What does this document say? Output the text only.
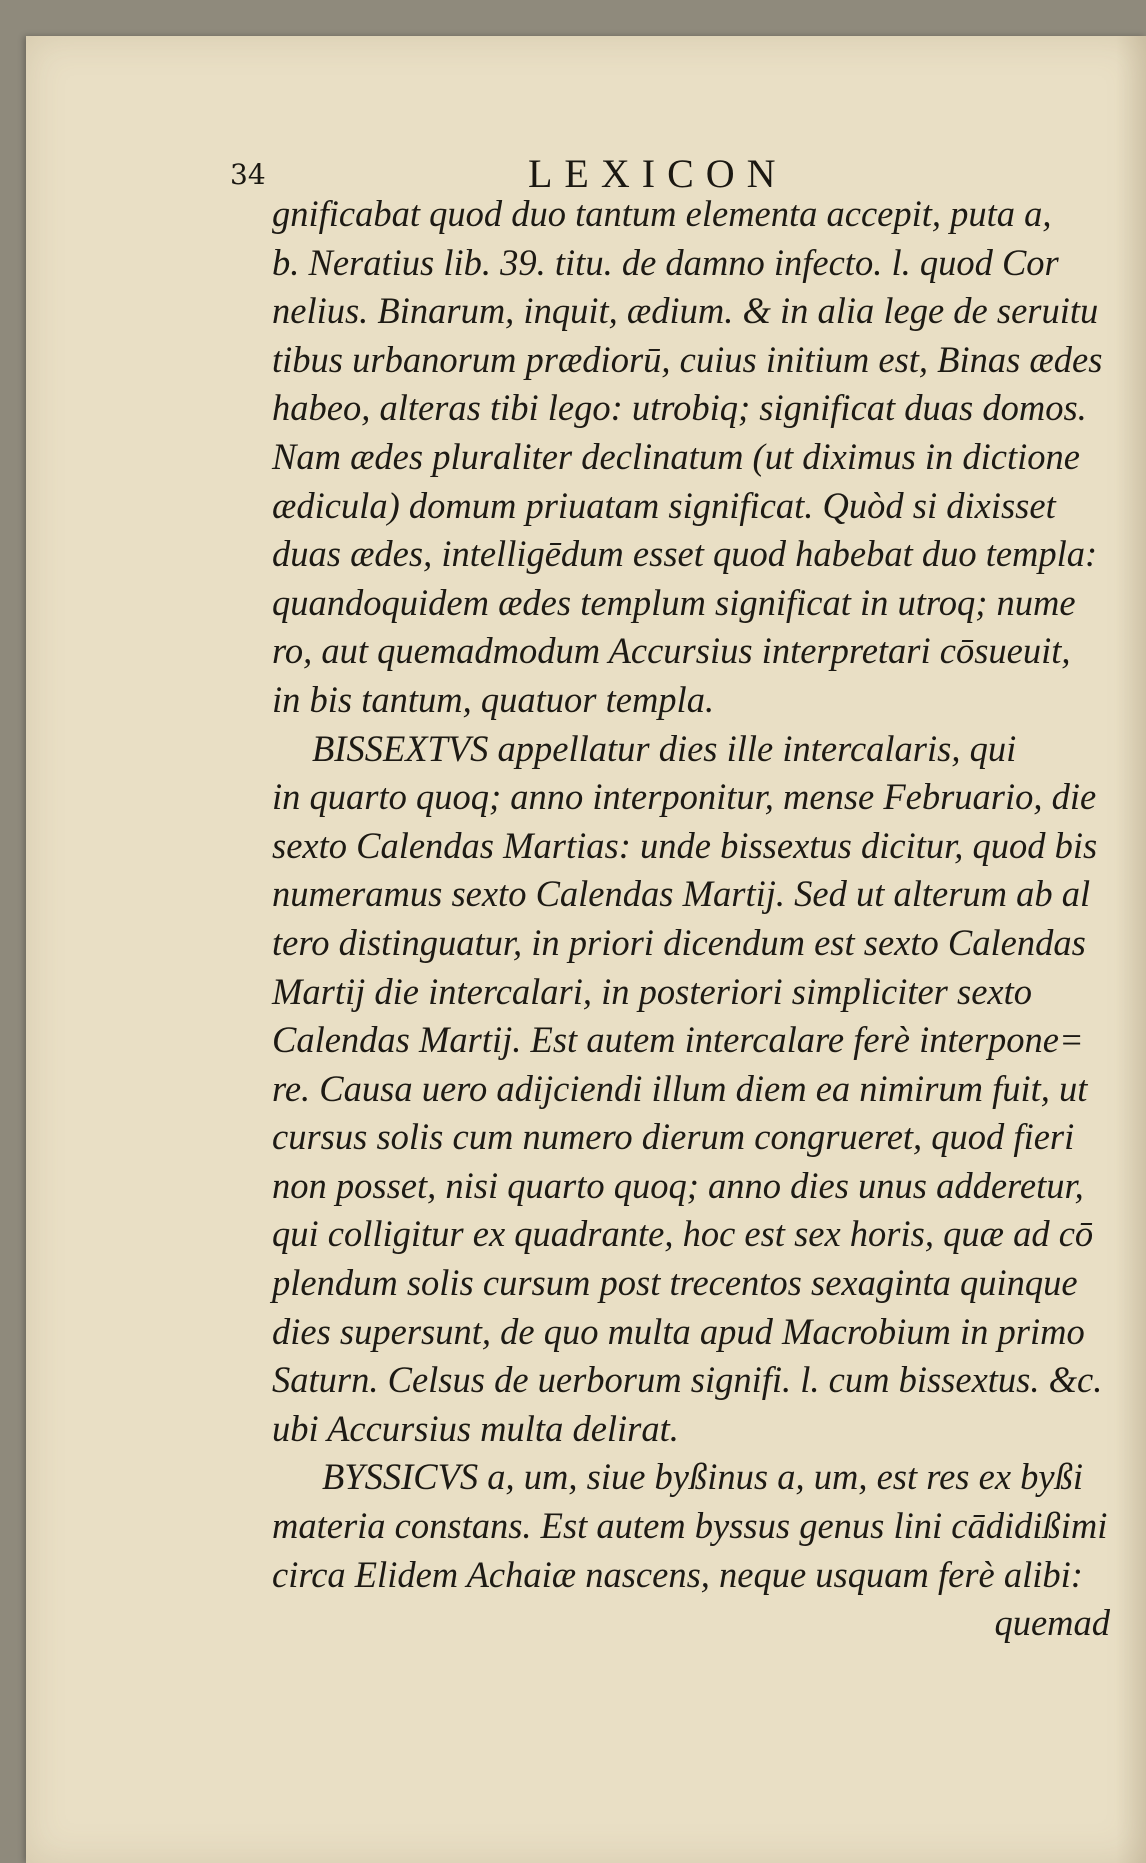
34	LEXICON
gnificabat quod duo tantum elementa accepit, puta a,
b. Neratius lib. 39. titu. de damno infecto. l. quod Cor
nelius. Binarum, inquit, ædium. & in alia lege de seruitu
tibus urbanorum prædiorū, cuius initium est, Binas ædes
habeo, alteras tibi lego: utrobiq; significat duas domos.
Nam ædes pluraliter declinatum (ut diximus in dictione
ædicula) domum priuatam significat. Quòd si dixisset
duas ædes, intelligēdum esset quod habebat duo templa:
quandoquidem ædes templum significat in utroq; nume
ro, aut quemadmodum Accursius interpretari cōsueuit,
in bis tantum, quatuor templa.
BISSEXTVS appellatur dies ille intercalaris, qui
in quarto quoq; anno interponitur, mense Februario, die
sexto Calendas Martias: unde bissextus dicitur, quod bis
numeramus sexto Calendas Martij. Sed ut alterum ab al
tero distinguatur, in priori dicendum est sexto Calendas
Martij die intercalari, in posteriori simpliciter sexto
Calendas Martij. Est autem intercalare ferè interpone=
re. Causa uero adijciendi illum diem ea nimirum fuit, ut
cursus solis cum numero dierum congrueret, quod fieri
non posset, nisi quarto quoq; anno dies unus adderetur,
qui colligitur ex quadrante, hoc est sex horis, quæ ad cō
plendum solis cursum post trecentos sexaginta quinque
dies supersunt, de quo multa apud Macrobium in primo
Saturn. Celsus de uerborum signifi. l. cum bissextus. &c.
ubi Accursius multa delirat.
BYSSICVS a, um, siue byßinus a, um, est res ex byßi
materia constans. Est autem byssus genus lini cādidißimi
circa Elidem Achaiæ nascens, neque usquam ferè alibi:
quemad
